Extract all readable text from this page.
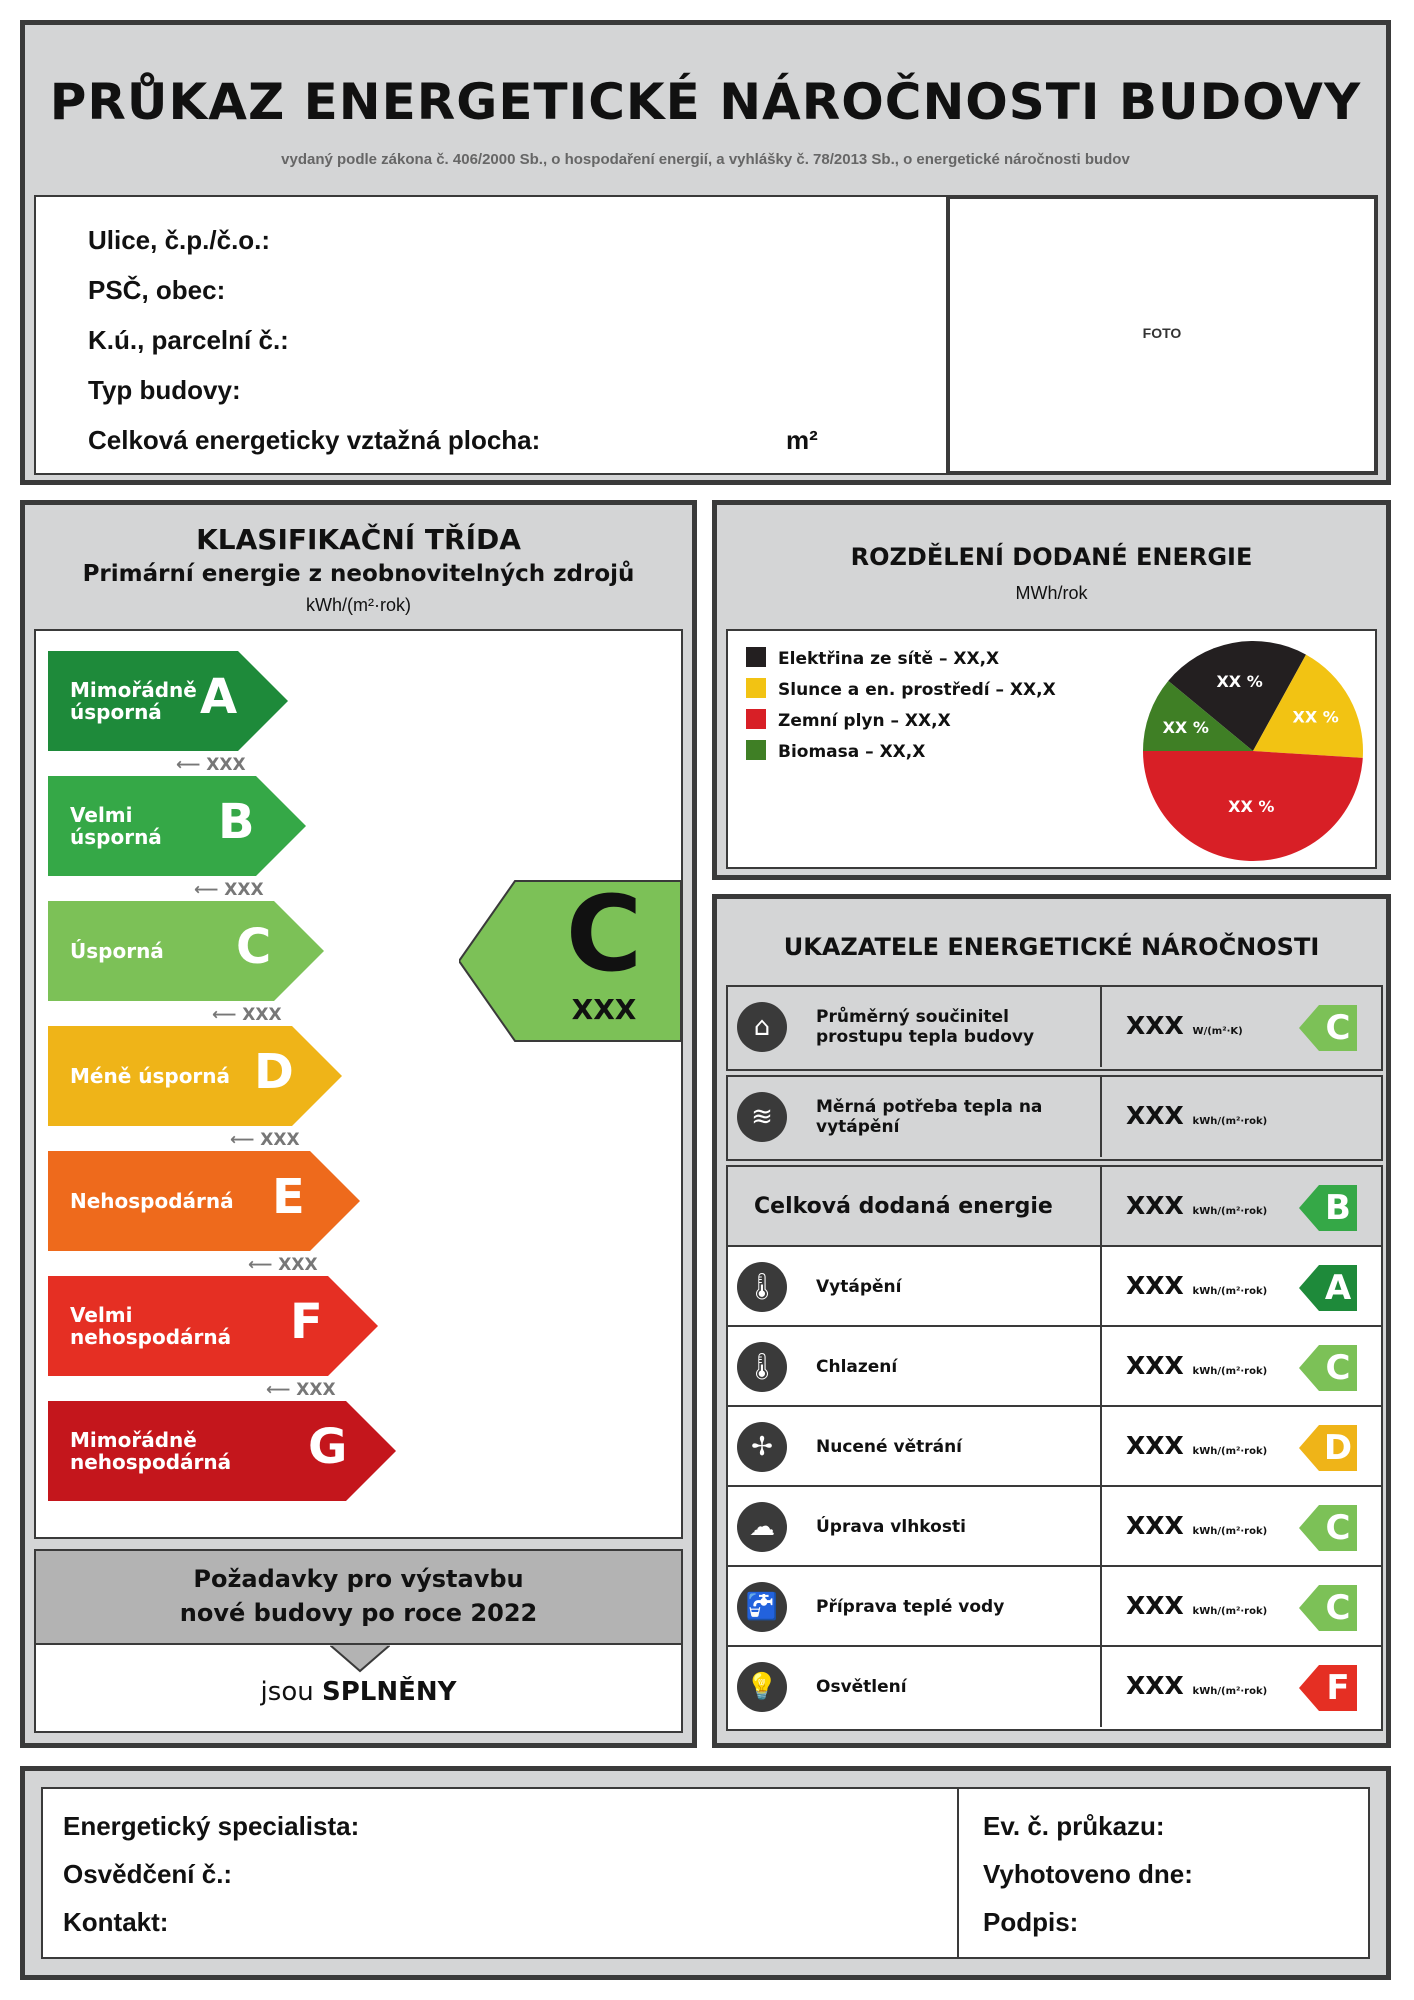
PRŮKAZ ENERGETICKÉ NÁROČNOSTI BUDOVY
vydaný podle zákona č. 406/2000 Sb., o hospodaření energií, a vyhlášky č. 78/2013 Sb., o energetické náročnosti budov
Ulice, č.p./č.o.:
PSČ, obec:
K.ú., parcelní č.:
Typ budovy:
Celková energeticky vztažná plocha:	m²
FOTO
KLASIFIKAČNÍ TŘÍDA
Primární energie z neobnovitelných zdrojů
kWh/(m²·rok)
Mimořádně úsporná A
⟵ XXX
Velmi úsporná	B
⟵ XXX
Úsporná	C
⟵ XXX
Méně úsporná D
⟵ XXX
Nehospodárná E
⟵ XXX
Velmi nehospodárná	F
⟵ XXX
Mimořádně nehospodárná	G
C
XXX
Požadavky pro výstavbu
nové budovy po roce 2022
jsou SPLNĚNY
ROZDĚLENÍ DODANÉ ENERGIE
MWh/rok
Elektřina ze sítě – XX,X
Slunce a en. prostředí – XX,X
Zemní plyn – XX,X
Biomasa – XX,X
XX %
XX %
XX %
XX %
UKAZATELE ENERGETICKÉ NÁROČNOSTI
⌂	Průměrný součinitel prostupu tepla budovy	XXX W/(m²·K) C
≋	Měrná potřeba tepla na vytápění	XXX kWh/(m²·rok)
Celková dodaná energie	XXX kWh/(m²·rok) B
🌡	Vytápění	XXX kWh/(m²·rok) A
🌡	Chlazení	XXX kWh/(m²·rok) C
✢	Nucené větrání	XXX kWh/(m²·rok) D
☁	Úprava vlhkosti	XXX kWh/(m²·rok) C
🚰	Příprava teplé vody	XXX kWh/(m²·rok) C
💡	Osvětlení	XXX kWh/(m²·rok) F
Energetický specialista:
Osvědčení č.:
Kontakt:
Ev. č. průkazu:
Vyhotoveno dne:
Podpis:
